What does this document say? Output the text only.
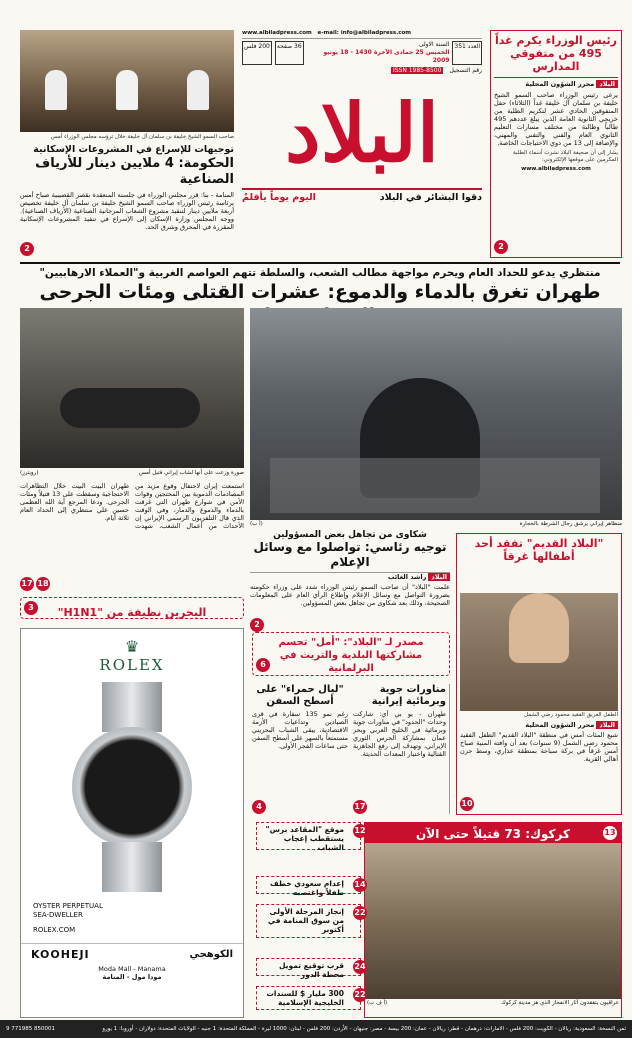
رئيس الوزراء يكرم غداً 495 من متفوقي المدارس
البلاد محرر الشؤون المحلية
يرعى رئيس الوزراء صاحب السمو الشيخ خليفة بن سلمان آل خليفة غداً (الثلاثاء) حفل المتفوقين الحادي عشر لتكريم الطلبة من خريجي الثانوية العامة الذين يبلغ عددهم 495 طالباً وطالبة من مختلف مسارات التعليم الثانوي العام والفني والتقني والمهني، والإضافة إلى 13 من ذوي الاحتياجات الخاصة.
يشار إلى أن صحيفة البلاد نشرت أسماء الطلبة المكرمين على موقعها الإلكتروني:
www.albiladpress.com
2
www.albiladpress.com e-mail: info@albiladpress.com
العدد 351
السنة الاولى
الخميس 25 جمادى الآخرة 1430 - 18 يونيو 2009
36 صفحة
200 فلس
رقم التسجيل
ISSN 1985-8500
البلاد
دقوا البشائر في البلاد
اليوم يوماً يأقلمْ
صاحب السمو الشيخ خليفة بن سلمان آل خليفة خلال ترؤسه مجلس الوزراء أمس
توجيهات للإسراع في المشروعات الإسكانية
الحكومة: 4 ملايين دينار للأرياف الصناعية
المنامة - بنا: قرر مجلس الوزراء في جلسته المنعقدة بقصر القضيبية صباح أمس برئاسة رئيس الوزراء صاحب السمو الشيخ خليفة بن سلمان آل خليفة تخصيص أربعة ملايين دينار لتنفيذ مشروع الشعاب المرجانية الصناعية (الأرياف الصناعية). ووجه المجلس وزارة الإسكان إلى الإسراع في تنفيذ المشروعات الإسكانية المقررة في المحرق وشرق الحد.
2
منتظري يدعو للحداد العام ويحرم مواجهة مطالب الشعب، والسلطة تتهم العواصم الغربية و"العملاء الارهابيين"
طهران تغرق بالدماء والدموع: عشرات القتلى ومئات الجرحى
متظاهر إيراني يرشق رجال الشرطة بالحجارة
(أ ب)
صورة وزعت على أنها لشاب إيراني قتيل أمس
(رويترز)
استمعت إيران لاحتفال وقوع مزيد من المصادمات الدموية بين المحتجين وقوات الأمن في شوارع طهران التي غرقت بالدماء والدموع والدمار، وفي الوقت الذي قال التلفزيون الرسمي الإيراني إن الأحداث من أعمال الشغب، شهدت طهران البيت البيت خلال التظاهرات الاحتجاجية وسقطت على 13 قتيلاً ومئات الجرحى. ودعا المرجع آية الله العظمى حسين علي منتظري إلى الحداد العام ثلاثة أيام.
18
17
البحرين نظيفة من "H1N1"
3
شكاوى من تجاهل بعض المسؤولين
توجيه رئاسي: تواصلوا مع وسائل الإعلام
البلاد راشد الغائب
علمت "البلاد" أن صاحب السمو رئيس الوزراء شدد على وزراء حكومته بضرورة التواصل مع وسائل الإعلام وإطلاع الرأي العام على المعلومات الصحيحة، وذلك بعد شكاوى من تجاهل بعض المسؤولين.
2
مصدر لـ "البلاد": "أمل" تحسم مشاركتها البلدية والتريث في البرلمانية
6
"البلاد القديم" تفقد أحد أطفالها غرقاً
الطفل الغريق الفقيد محمود رضي الشمل
البلاد محرر الشؤون المحلية
شيع المئات أمس في منطقة "البلاد القديم" الطفل الفقيد محمود رضي الشمل (9 سنوات) بعد أن وافته المنية صباح أمس غرقاً في بركة سباحة بمنطقة عذاري، وسط حزن أهالي القرية.
10
مناورات جوية وبرمائية إيرانية
طهران - يو بي آي: شاركت وحدات "الحدود" في مناورات جوية وبرمائية في الخليج العربي وبحر عمان بمشاركة الحرس الثوري الإيراني، وتهدف إلى رفع الجاهزية القتالية واختبار المعدات الحديثة.
17
"ليال حمراء" على أسطح السفن
رغم نمو 135 سفارة في قرى الصيادين وتداعيات الأزمة الاقتصادية، يبقى الشباب البحريني مستمتعاً بالسهر على أسطح السفن حتى ساعات الفجر الأولى.
4
كركوك: 73 قتيلاً حتى الآن	13
عراقيون يتفقدون آثار الانفجار الذي هز مدينة كركوك
(أ ف ب)
موقع "المقاعد برس" يستقطب إعجاب الشباب
12
إعدام سعودي خطف طفلاً واغتصبه
14
إنجاز المرحلة الأولى من سوق المنامة في أكتوبر
22
قرب توقيع تمويل محطة الدور
24
300 مليار $ للسندات الخليجية الإسلامية
22
♛
ROLEX
OYSTER PERPETUAL
SEA-DWELLER
ROLEX.COM
KOOHEJI	الكوهجي
Moda Mall - Manama
مودا مول - المنامة
ثمن النسخة: السعودية: ريالان - الكويت: 200 فلس - الامارات: درهمان - قطر: ريالان - عمان: 200 بيسة - مصر: جنيهان - الأردن: 200 فلس - لبنان: 1000 ليرة - المملكة المتحدة: 1 جنيه - الولايات المتحدة: دولاران - أوروبا: 1 يورو
9 771985 850001
